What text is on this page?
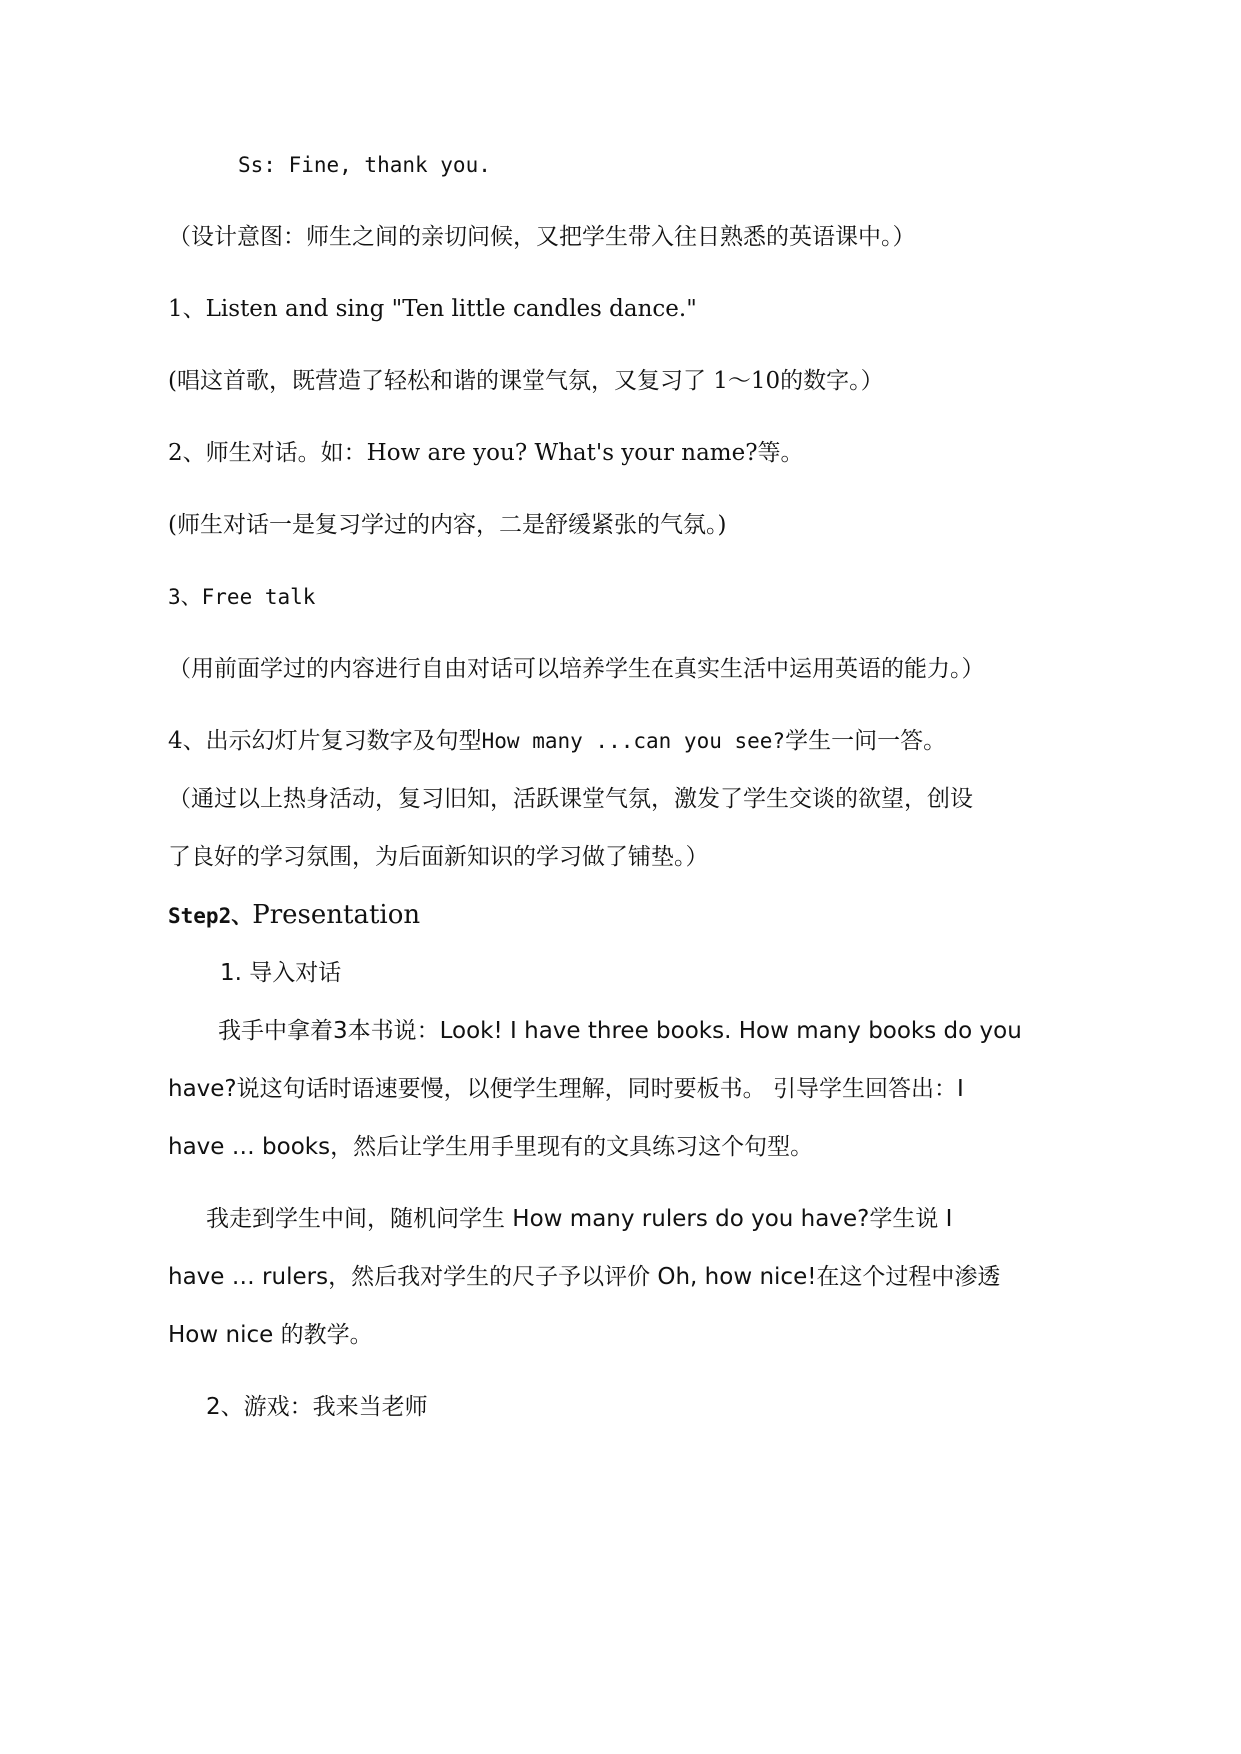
Ss: Fine, thank you.
（设计意图：师生之间的亲切问候，又把学生带入往日熟悉的英语课中。）
1、Listen and sing "Ten little candles dance."
(唱这首歌，既营造了轻松和谐的课堂气氛，又复习了 1～10的数字。）
2、师生对话。如：How are you? What's your name?等。
(师生对话一是复习学过的内容，二是舒缓紧张的气氛。)
3、Free talk
（用前面学过的内容进行自由对话可以培养学生在真实生活中运用英语的能力。）
4、出示幻灯片复习数字及句型How many ...can you see?学生一问一答。
（通过以上热身活动，复习旧知，活跃课堂气氛，激发了学生交谈的欲望，创设
了良好的学习氛围，为后面新知识的学习做了铺垫。）
Step2、Presentation
1. 导入对话
我手中拿着3本书说：Look! I have three books. How many books do you
have?说这句话时语速要慢，以便学生理解，同时要板书。 引导学生回答出：I
have … books，然后让学生用手里现有的文具练习这个句型。
我走到学生中间，随机问学生 How many rulers do you have?学生说 I
have … rulers，然后我对学生的尺子予以评价 Oh, how nice!在这个过程中渗透
How nice 的教学。
2、游戏：我来当老师
